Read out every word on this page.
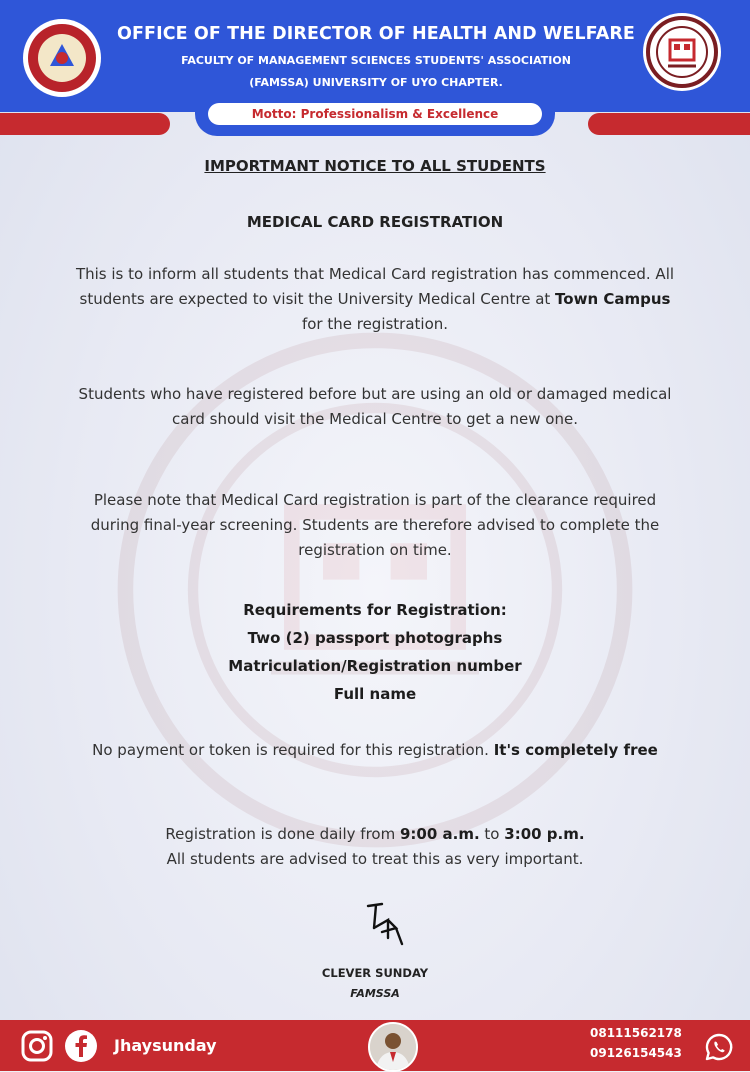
Motto: Professionalism & Excellence
OFFICE OF THE DIRECTOR OF HEALTH AND WELFARE
FACULTY OF MANAGEMENT SCIENCES STUDENTS' ASSOCIATION
(FAMSSA) UNIVERSITY OF UYO CHAPTER.
IMPORTMANT NOTICE TO ALL STUDENTS
MEDICAL CARD REGISTRATION
This is to inform all students that Medical Card registration has commenced. All students are expected to visit the University Medical Centre at Town Campus for the registration.
Students who have registered before but are using an old or damaged medical card should visit the Medical Centre to get a new one.
Please note that Medical Card registration is part of the clearance required during final-year screening. Students are therefore advised to complete the registration on time.
Requirements for Registration:
Two (2) passport photographs
Matriculation/Registration number
Full name
No payment or token is required for this registration. It's completely free
Registration is done daily from 9:00 a.m. to 3:00 p.m.
All students are advised to treat this as very important.
CLEVER SUNDAY
FAMSSA
Jhaysunday
08111562178
09126154543
